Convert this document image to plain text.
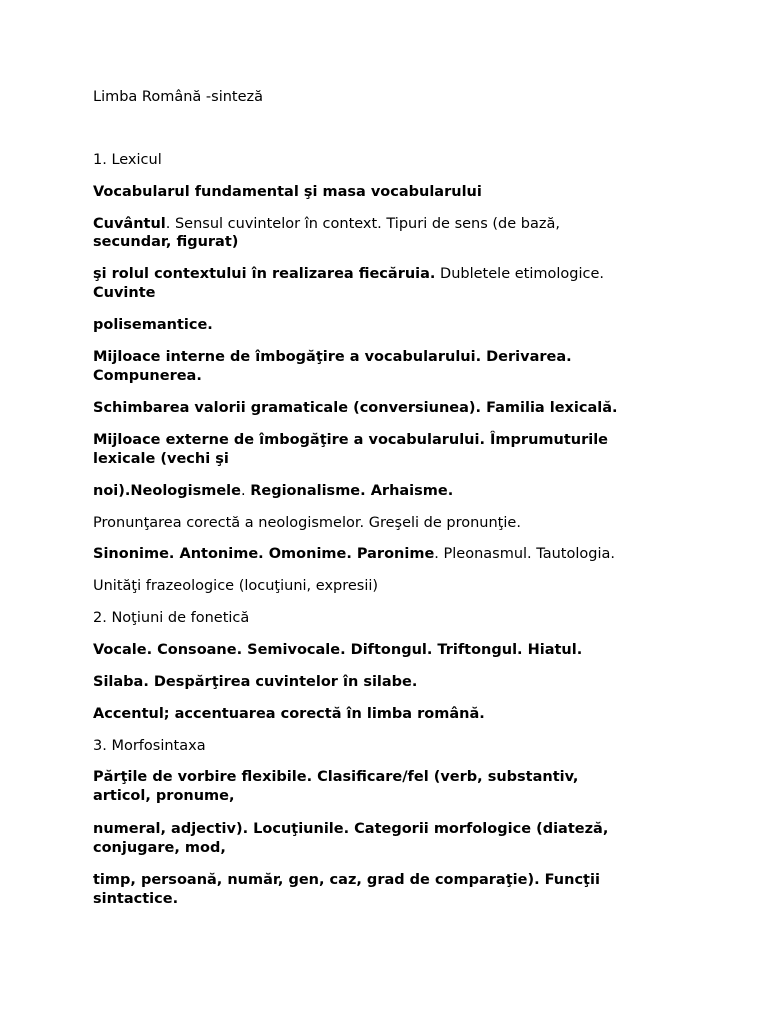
Limba Română -sinteză
1. Lexicul
Vocabularul fundamental şi masa vocabularului
Cuvântul. Sensul cuvintelor în context. Tipuri de sens (de bază,
secundar, figurat)
şi rolul contextului în realizarea fiecăruia. Dubletele etimologice.
Cuvinte
polisemantice.
Mijloace interne de îmbogăţire a vocabularului. Derivarea.
Compunerea.
Schimbarea valorii gramaticale (conversiunea). Familia lexicală.
Mijloace externe de îmbogăţire a vocabularului. Împrumuturile
lexicale (vechi şi
noi).Neologismele. Regionalisme. Arhaisme.
Pronunţarea corectă a neologismelor. Greşeli de pronunţie.
Sinonime. Antonime. Omonime. Paronime. Pleonasmul. Tautologia.
Unităţi frazeologice (locuţiuni, expresii)
2. Noţiuni de fonetică
Vocale. Consoane. Semivocale. Diftongul. Triftongul. Hiatul.
Silaba. Despărţirea cuvintelor în silabe.
Accentul; accentuarea corectă în limba română.
3. Morfosintaxa
Părţile de vorbire flexibile. Clasificare/fel (verb, substantiv,
articol, pronume,
numeral, adjectiv). Locuţiunile. Categorii morfologice (diateză,
conjugare, mod,
timp, persoană, număr, gen, caz, grad de comparaţie). Funcţii
sintactice.
